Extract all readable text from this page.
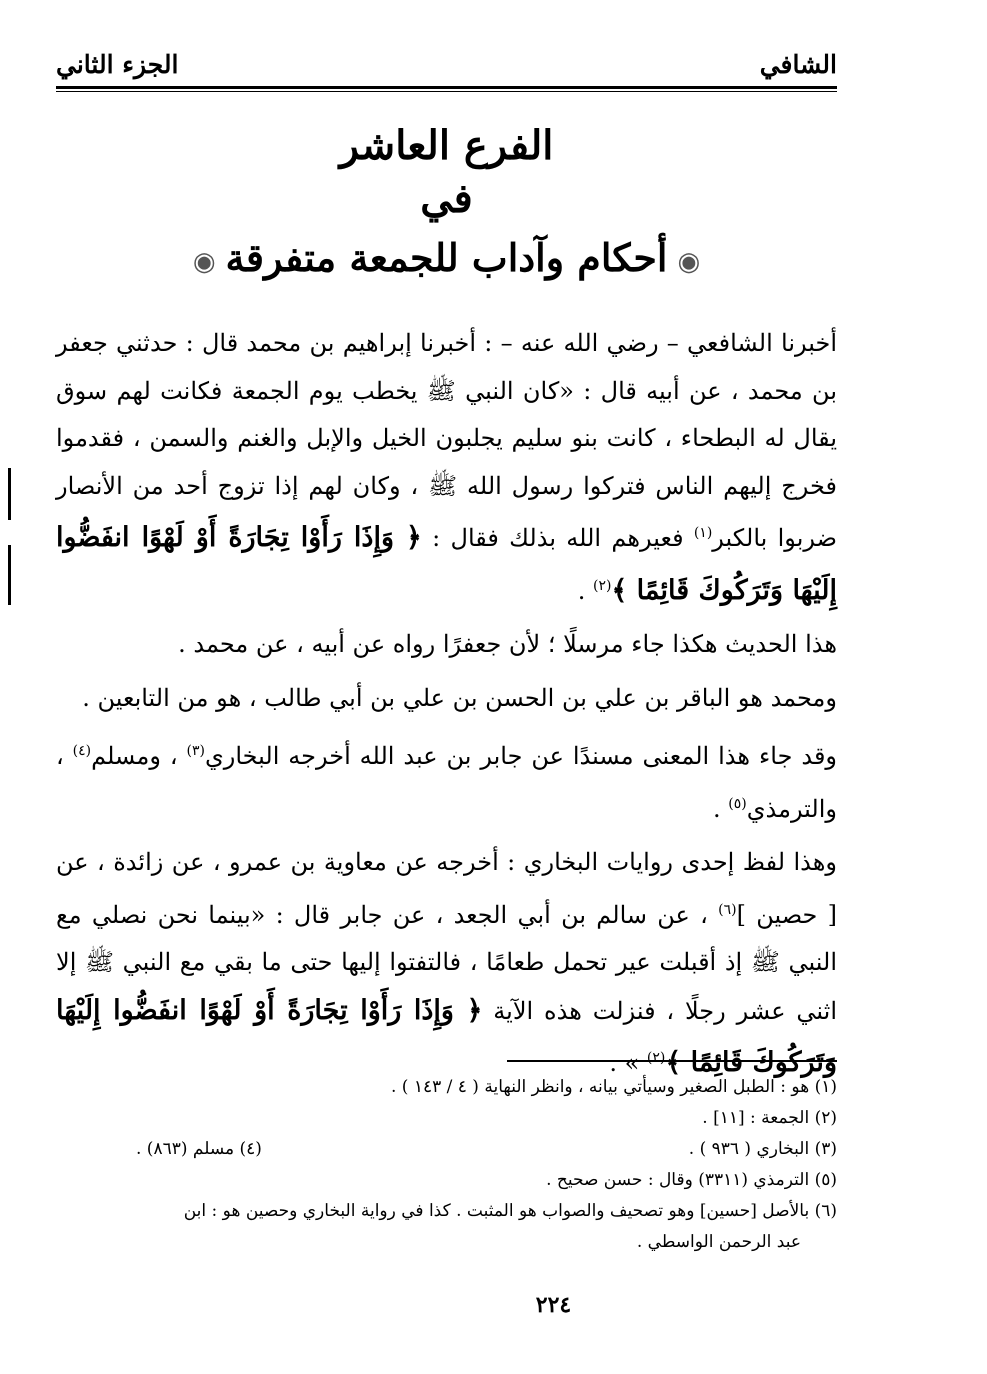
الشافي
الجزء الثاني
الفرع العاشر
في
◉أحكام وآداب للجمعة متفرقة◉

أخبرنا الشافعي – رضي الله عنه – : أخبرنا إبراهيم بن محمد قال : حدثني جعفر بن محمد ، عن أبيه قال : «كان النبي ﷺ يخطب يوم الجمعة فكانت لهم سوق يقال له البطحاء ، كانت بنو سليم يجلبون الخيل والإبل والغنم والسمن ، فقدموا فخرج إليهم الناس فتركوا رسول الله ﷺ ، وكان لهم إذا تزوج أحد من الأنصار ضربوا بالكبر$^{(١)}$ فعيرهم الله بذلك فقال : ﴿ وَإِذَا رَأَوْا تِجَارَةً أَوْ لَهْوًا انفَضُّوا إِلَيْهَا وَتَرَكُوكَ قَائِمًا ﴾$^{(٢)}$ .

هذا الحديث هكذا جاء مرسلًا ؛ لأن جعفرًا رواه عن أبيه ، عن محمد .

ومحمد هو الباقر بن علي بن الحسن بن علي بن أبي طالب ، هو من التابعين .

وقد جاء هذا المعنى مسندًا عن جابر بن عبد الله أخرجه البخاري$^{(٣)}$ ، ومسلم$^{(٤)}$ ، والترمذي$^{(٥)}$ .

وهذا لفظ إحدى روايات البخاري : أخرجه عن معاوية بن عمرو ، عن زائدة ، عن [ حصين ]$^{(٦)}$ ، عن سالم بن أبي الجعد ، عن جابر قال : «بينما نحن نصلي مع النبي ﷺ إذ أقبلت عير تحمل طعامًا ، فالتفتوا إليها حتى ما بقي مع النبي ﷺ إلا اثني عشر رجلًا ، فنزلت هذه الآية ﴿ وَإِذَا رَأَوْا تِجَارَةً أَوْ لَهْوًا انفَضُّوا إِلَيْهَا وَتَرَكُوكَ قَائِمًا ﴾$^{(٢)}$ » .

(١) هو : الطبل الصغير وسيأتي بيانه ، وانظر النهاية ( ٤ / ١٤٣ ) .

(٢) الجمعة : [١١] .

(٣) البخاري ( ٩٣٦ ) .
(٤) مسلم (٨٦٣) .

(٥) الترمذي (٣٣١١) وقال : حسن صحيح .

(٦) بالأصل [حسين] وهو تصحيف والصواب هو المثبت . كذا في رواية البخاري وحصين هو : ابن

عبد الرحمن الواسطي .

٢٢٤
